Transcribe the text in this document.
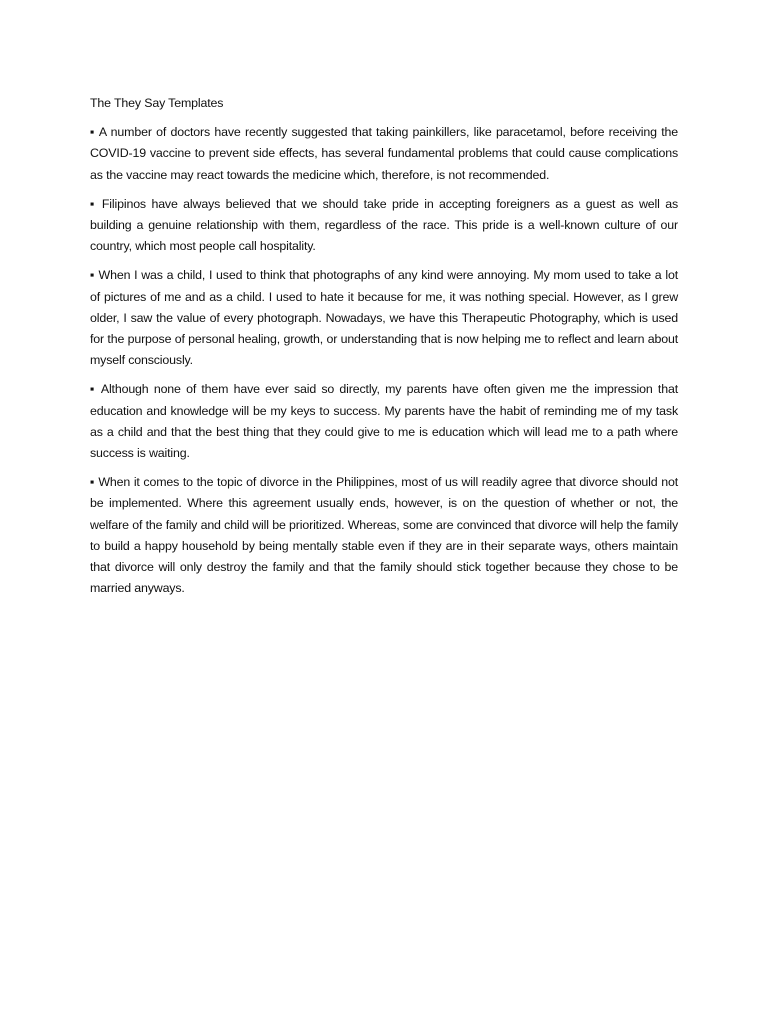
The They Say Templates

▪ A number of doctors have recently suggested that taking painkillers, like paracetamol, before receiving the COVID-19 vaccine to prevent side effects, has several fundamental problems that could cause complications as the vaccine may react towards the medicine which, therefore, is not recommended.

▪ Filipinos have always believed that we should take pride in accepting foreigners as a guest as well as building a genuine relationship with them, regardless of the race. This pride is a well-known culture of our country, which most people call hospitality.

▪ When I was a child, I used to think that photographs of any kind were annoying. My mom used to take a lot of pictures of me and as a child. I used to hate it because for me, it was nothing special. However, as I grew older, I saw the value of every photograph. Nowadays, we have this Therapeutic Photography, which is used for the purpose of personal healing, growth, or understanding that is now helping me to reflect and learn about myself consciously.

▪ Although none of them have ever said so directly, my parents have often given me the impression that education and knowledge will be my keys to success. My parents have the habit of reminding me of my task as a child and that the best thing that they could give to me is education which will lead me to a path where success is waiting.

▪ When it comes to the topic of divorce in the Philippines, most of us will readily agree that divorce should not be implemented. Where this agreement usually ends, however, is on the question of whether or not, the welfare of the family and child will be prioritized. Whereas, some are convinced that divorce will help the family to build a happy household by being mentally stable even if they are in their separate ways, others maintain that divorce will only destroy the family and that the family should stick together because they chose to be married anyways.
